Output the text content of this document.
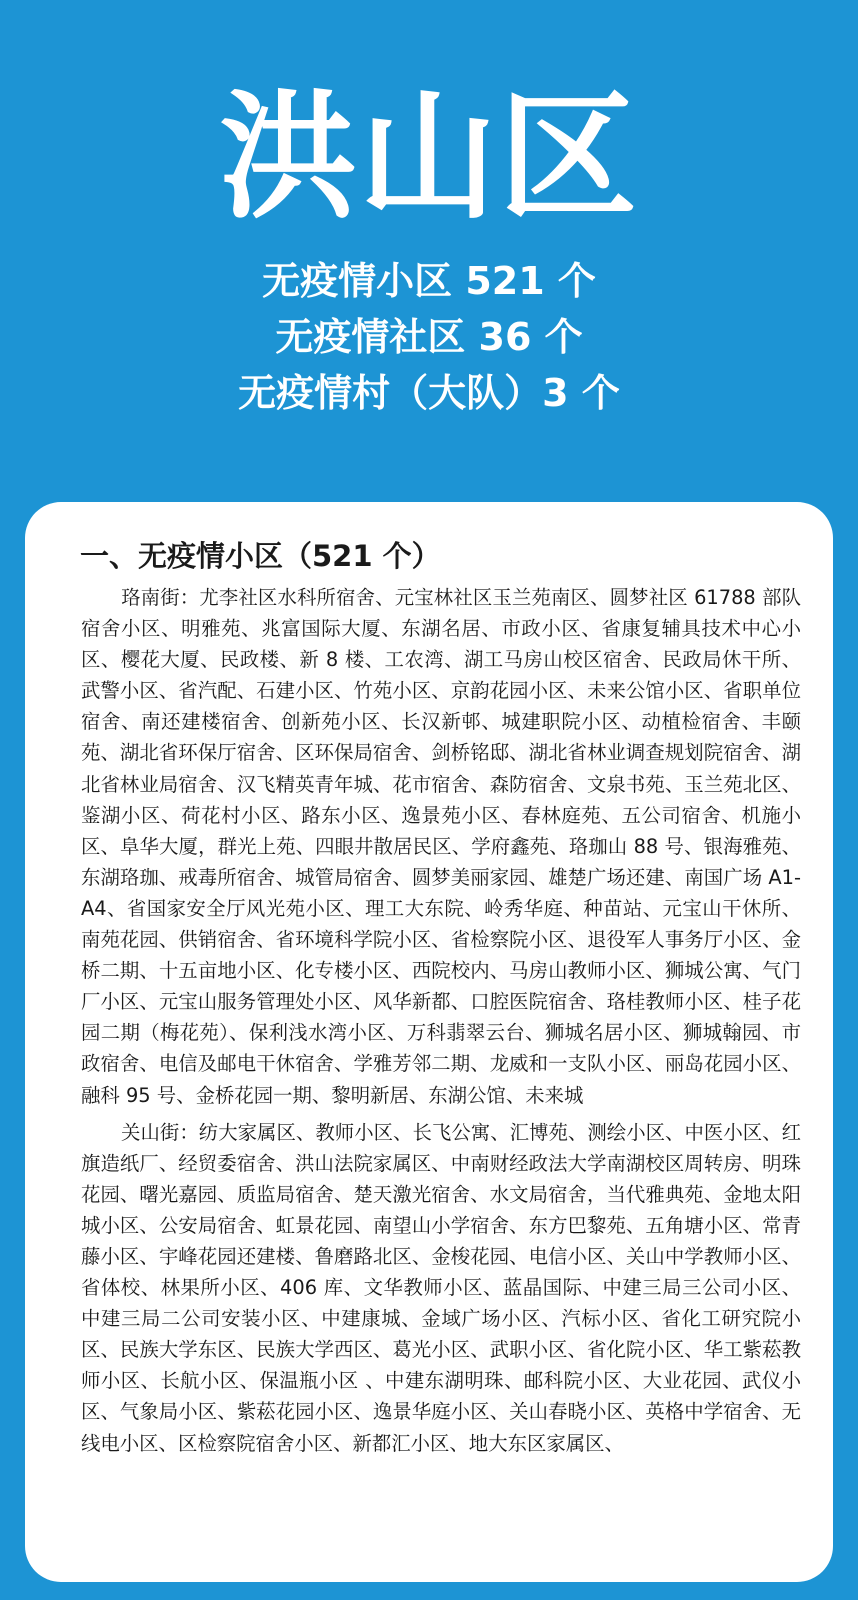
洪山区
无疫情小区 521 个
无疫情社区 36 个
无疫情村（大队）3 个
一、无疫情小区（521 个）

珞南街：尤李社区水科所宿舍、元宝林社区玉兰苑南区、圆梦社区 61788 部队宿舍小区、明雅苑、兆富国际大厦、东湖名居、市政小区、省康复辅具技术中心小区、樱花大厦、民政楼、新 8 楼、工农湾、湖工马房山校区宿舍、民政局休干所、武警小区、省汽配、石建小区、竹苑小区、京韵花园小区、未来公馆小区、省职单位宿舍、南还建楼宿舍、创新苑小区、长汉新邨、城建职院小区、动植检宿舍、丰颐苑、湖北省环保厅宿舍、区环保局宿舍、剑桥铭邸、湖北省林业调查规划院宿舍、湖北省林业局宿舍、汉飞精英青年城、花市宿舍、森防宿舍、文泉书苑、玉兰苑北区、鉴湖小区、荷花村小区、路东小区、逸景苑小区、春林庭苑、五公司宿舍、机施小区、阜华大厦，群光上苑、四眼井散居民区、学府鑫苑、珞珈山 88 号、银海雅苑、东湖珞珈、戒毒所宿舍、城管局宿舍、圆梦美丽家园、雄楚广场还建、南国广场 A1-A4、省国家安全厅风光苑小区、理工大东院、岭秀华庭、种苗站、元宝山干休所、南苑花园、供销宿舍、省环境科学院小区、省检察院小区、退役军人事务厅小区、金桥二期、十五亩地小区、化专楼小区、西院校内、马房山教师小区、狮城公寓、气门厂小区、元宝山服务管理处小区、风华新都、口腔医院宿舍、珞桂教师小区、桂子花园二期（梅花苑）、保利浅水湾小区、万科翡翠云台、狮城名居小区、狮城翰园、市政宿舍、电信及邮电干休宿舍、学雅芳邻二期、龙威和一支队小区、丽岛花园小区、融科 95 号、金桥花园一期、黎明新居、东湖公馆、未来城

关山街：纺大家属区、教师小区、长飞公寓、汇博苑、测绘小区、中医小区、红旗造纸厂、经贸委宿舍、洪山法院家属区、中南财经政法大学南湖校区周转房、明珠花园、曙光嘉园、质监局宿舍、楚天激光宿舍、水文局宿舍，当代雅典苑、金地太阳城小区、公安局宿舍、虹景花园、南望山小学宿舍、东方巴黎苑、五角塘小区、常青藤小区、宇峰花园还建楼、鲁磨路北区、金梭花园、电信小区、关山中学教师小区、省体校、林果所小区、406 库、文华教师小区、蓝晶国际、中建三局三公司小区、中建三局二公司安装小区、中建康城、金域广场小区、汽标小区、省化工研究院小区、民族大学东区、民族大学西区、葛光小区、武职小区、省化院小区、华工紫菘教师小区、长航小区、保温瓶小区 、中建东湖明珠、邮科院小区、大业花园、武仪小区、气象局小区、紫菘花园小区、逸景华庭小区、关山春晓小区、英格中学宿舍、无线电小区、区检察院宿舍小区、新都汇小区、地大东区家属区、
